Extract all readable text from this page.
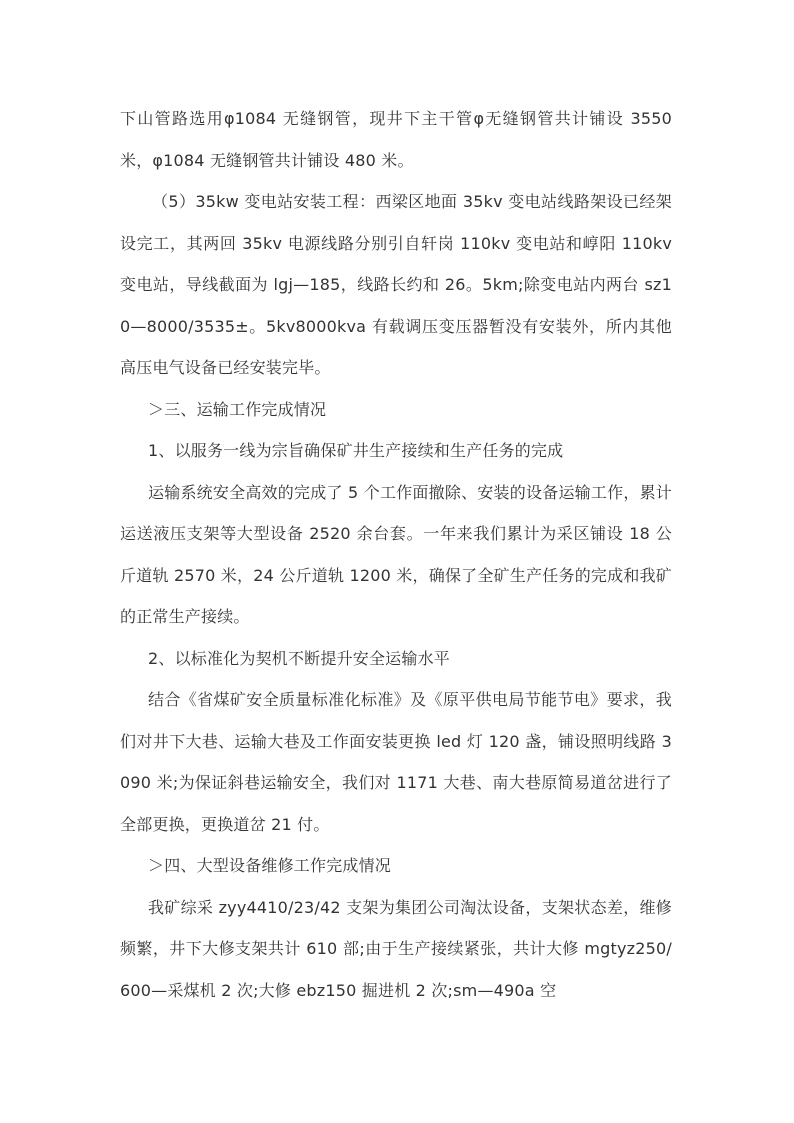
下山管路选用φ1084 无缝钢管，现井下主干管φ无缝钢管共计铺设 3550 米，φ1084 无缝钢管共计铺设 480 米。

（5）35kw 变电站安装工程：西梁区地面 35kv 变电站线路架设已经架设完工，其两回 35kv 电源线路分别引自轩岗 110kv 变电站和崞阳 110kv 变电站，导线截面为 lgj—185，线路长约和 26。5km;除变电站内两台 sz10—8000/3535±。5kv8000kva 有载调压变压器暂没有安装外，所内其他高压电气设备已经安装完毕。

＞三、运输工作完成情况

1、以服务一线为宗旨确保矿井生产接续和生产任务的完成

运输系统安全高效的完成了 5 个工作面撤除、安装的设备运输工作，累计运送液压支架等大型设备 2520 余台套。一年来我们累计为采区铺设 18 公斤道轨 2570 米，24 公斤道轨 1200 米，确保了全矿生产任务的完成和我矿的正常生产接续。

2、以标准化为契机不断提升安全运输水平

结合《省煤矿安全质量标准化标准》及《原平供电局节能节电》要求，我们对井下大巷、运输大巷及工作面安装更换 led 灯 120 盏，铺设照明线路 3090 米;为保证斜巷运输安全，我们对 1171 大巷、南大巷原简易道岔进行了全部更换，更换道岔 21 付。

＞四、大型设备维修工作完成情况

我矿综采 zyy4410/23/42 支架为集团公司淘汰设备，支架状态差，维修频繁，井下大修支架共计 610 部;由于生产接续紧张，共计大修 mgtyz250/600—采煤机 2 次;大修 ebz150 掘进机 2 次;sm—490a 空
